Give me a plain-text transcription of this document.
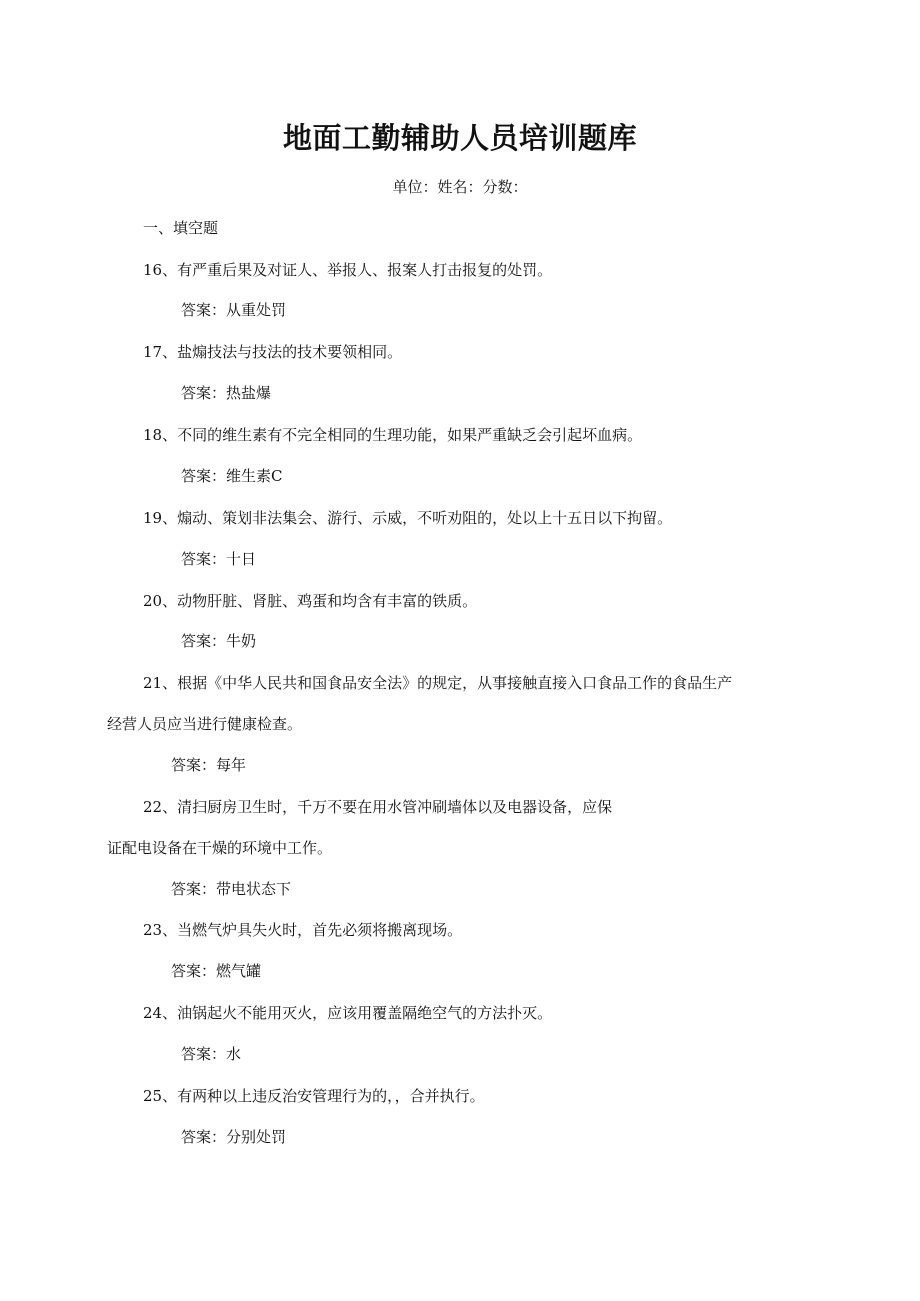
地面工勤辅助人员培训题库

单位：姓名：分数：

一、填空题

16、有严重后果及对证人、举报人、报案人打击报复的处罚。

答案：从重处罚

17、盐煽技法与技法的技术要领相同。

答案：热盐爆

18、不同的维生素有不完全相同的生理功能，如果严重缺乏会引起坏血病。

答案：维生素C

19、煽动、策划非法集会、游行、示威，不听劝阻的，处以上十五日以下拘留。

答案：十日

20、动物肝脏、肾脏、鸡蛋和均含有丰富的铁质。

答案：牛奶

21、根据《中华人民共和国食品安全法》的规定，从事接触直接入口食品工作的食品生产

经营人员应当进行健康检查。

答案：每年

22、清扫厨房卫生时，千万不要在用水管冲刷墙体以及电器设备，应保

证配电设备在干燥的环境中工作。

答案：带电状态下

23、当燃气炉具失火时，首先必须将搬离现场。

答案：燃气罐

24、油锅起火不能用灭火，应该用覆盖隔绝空气的方法扑灭。

答案：水

25、有两种以上违反治安管理行为的，，合并执行。

答案：分别处罚
